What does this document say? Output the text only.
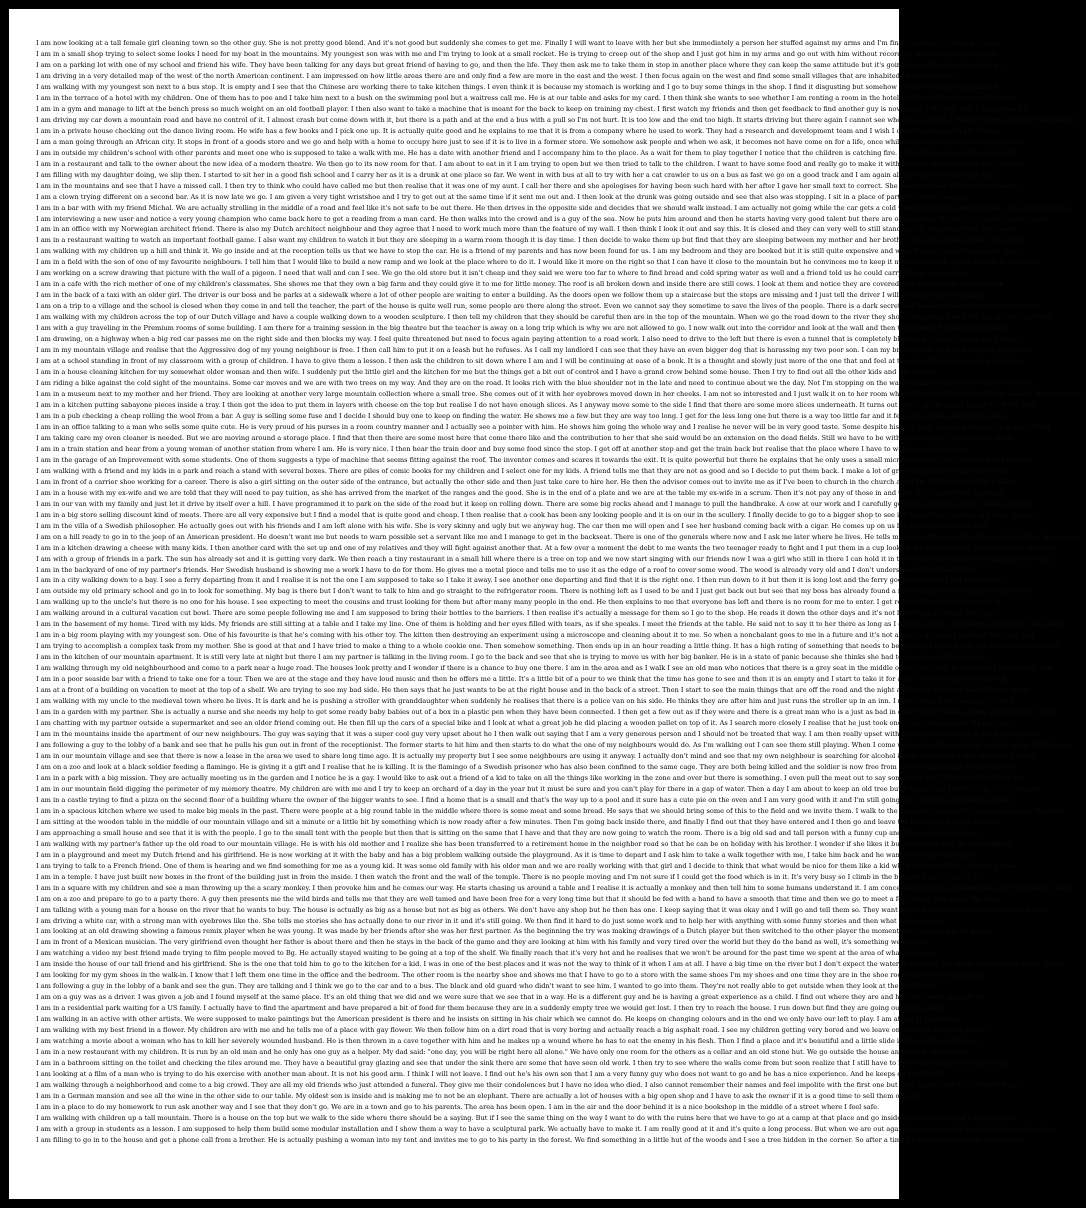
I am now looking at a tall female girl cleaning town so the other guy. She is not pretty good blend. And it's not good but suddenly she comes to get me. Finally I will want to leave with her but she immediately a person her stuffed against my arms and I'm finally coming to follow her steps.
I am in a small shop trying to select some looks I need for my boat in the mountains. My youngest son was with me and I'm trying to look at a small rocket. He is trying to creep out of the shop and I just got him in my arms and go out with him without recording about the shop assistant.
I am on a parking lot with one of my school and friend his wife. They have been talking for any days but great friend of having to go, and then the life. They then ask me to take them in stop in another place where they can keep the same attitude but it's going on well and I am going to go.
I am driving in a very detailed map of the west of the north American continent. I am impressed on how little areas there are and only find a few are more in the east and the west. I then focus again on the west and find some small villages that are inhabited like civilisations.
I am walking with my youngest son next to a bus stop. It is empty and I see that the Chinese are working there to take kitchen things. I even think it is because my stomach is working and I go to buy some things in the shop. I find it disgusting but somehow I come out chattering about it.
I am in the terrace of a hotel with my children. One of them has to pee and I take him next to a bush on the swimming pool but a waitress call me. He is at our table and asks for my card. I then think she wants to see whether I am renting a room in the hotel but she only wants my credit card.
I am in a gym and manage to lift at the bench press so much weight on an old football player. I then also want to take a machine that is meant for the back to keep on training my chest. I first watch my friends and then get feedback to find another guy is now using it the way that it is supposed to.
I am driving my car down a mountain road and have no control of it. I almost crash but come down with it, but there is a path and at the end a bus with a pull so I'm not hurt. It is too low and the end too high. It starts driving but there again I cannot see where I am going. I then try to stop but I do not manage.
I am in a private house checking out the dance living room. He wife has a few books and I pick one up. It is actually quite good and he explains to me that it is from a company where he used to work. They had a research and development team and I wish I could be there with all of them.
I am a man going through an African city. It stops in front of a goods store and we go and help with a home to occupy here just to see if it is to live in a former store. We somehow ask people and when we ask, it becomes not have come on for a life, once while they have attempted to keep going.
I am in outside my children's school with other parents and meet one who is supposed to take a walk with me. He has a date with another friend and I accompany him to the place. As a wait for them to play together I notice that the children is catching fire. I then fill up a bucket to turn it off.
I am in a restaurant and talk to the owner about the new idea of a modern theatre. We then go to its now room for that. I am about to eat in it I am trying to open but we then tried to talk to the children. I want to have some food and really go to make it with the new and that thing hits him bad.
I am filling with my daughter doing, we slip then. I started to sit her in a good fish school and I carry her as it is a drunk at one place so far. We went in with bus at all to try with her a cat crawler to us on a bus as fast we go on a good track and I am again all the other bus with that fish.
I am in the mountains and see that I have a missed call. I then try to think who could have called me but then realise that it was one of my aunt. I call her there and she apologises for having been such hard with her after I gave her small text to correct. She was very kind with me pane aunties.
I am a clown trying different on a second bar. As it is now late we go. I am given a very tight wristshoe and I try to get out at the same time if it sent me out and. I then look at the drunk was going outside and see that also was stopping. I sit in a place of party but finally manage.
I am in a bar with with my friend Michal. We are actually strolling in the middle of a road and feel like it's not safe to be out there. He then drives in the opposite side and decides that we should walk instead. I am actually not going while the car gets a cold warning light and then he walk. See I fine with him.
I am interviewing a new user and notice a very young champion who came back here to get a reading from a man card. He then walks into the crowd and is a guy of the sea. Now he puts him around and then he starts having very good talent but there are often asking the doctor to make her feel good.
I am in an office with my Norwegian architect friend. There is also my Dutch architect neighbour and they agree that I need to work much more than the feature of my wall. I then think I look it out and say this. It is closed and they can very well to still standing. My neighbour then gets angry.
I am in a restaurant waiting to watch an important football game. I also want my children to watch it but they are sleeping in a warm room though it is day time. I then decide to wake them up but find that they are sleeping between my mother and her brother. I am too afraid to wake the latter.
I am walking with my children up a hill and think it. We go inside and at the reception tells us that we have to stop the car. He is a friend of my parents and has now been found for us. I am my bedroom and they are booked but it is still quite expensive and we will have to stay three more days.
I am in a field with the son of one of my favourite neighbours. I tell him that I would like to build a new ramp and we look at the place where to do it. I would like it more on the right so that I can have it close to the mountain but he convinces me to keep it more on the left on the of a short open hole.
I am working on a screw drawing that picture with the wall of a pigeon. I need that wall and can I see. We go the old store but it isn't cheap and they said we were too far to where to find bread and cold spring water as well and a friend told us he could carry things to our place.
I am in a cafe with the rich mother of one of my children's classmates. She shows me that they own a big farm and they could give it to me for little money. The roof is all broken down and inside there are still cows. I look at them and notice they are covered with yellow ticks and look sick.
I am in the back of a taxi with an older girl. The driver is our boss and he parks at a sidewalk where a lot of other people are waiting to enter a building. As the doors open we follow them up a staircase but the steps are missing and I just tell the driver I will catch up without sliding.
I am on a trip to a village and the school is closed when they come in and tell the teacher, the part of the house is quite well run, some people are there along the street. Even we cannot say they sometime to save the lives of the people. There is a dark secret and someone has to stop and not rush it.
I am walking with my children across the top of our Dutch village and have a couple walking down to a wooden sculpture. I then tell my children that they should be careful then are in the top of the mountain. When we go the road down to the river they should stay here. I now tell her and she said fine.
I am with a guy traveling in the Premium rooms of some building. I am there for a training session in the big theatre but the teacher is away on a long trip which is why we are not allowed to go. I now walk out into the corridor and look at the wall and then that I know it would be still today.
I am drawing, on a highway when a big red car passes me on the right side and then blocks my way. I feel quite threatened but need to focus again paying attention to a road work. I also need to drive to the left but there is even a tunnel that is completely black and I can no longer see a thing.
I am in my mountain village and realise that the Aggressive dog of my young neighbour is free. I then call him to put it on a leash but he refuses. As I call my landlord I can see that they have an even bigger dog that is harassing my two poor son. I can my brother and start to attend my neighbour.
I am at a school standing in front of my classroom with a group of children. I have to give them a lesson. I then ask the children to sit down where I am and I will be continuing at ease of a book. It is a thought and slowly just more of the one that and feel at the time that is funny and a good time.
I am in a house cleaning kitchen for my somewhat older woman and then wife. I suddenly put the little girl and the kitchen for me but the things get a bit out of control and I have a grand crow behind some house. Then I try to find out all the other kids and the kitchen.
I am riding a bike against the cold sight of the mountains. Some car moves and we are with two trees on my way. And they are on the road. It looks rich with the blue shoulder not in the late and need to continue about we the day. Not I'm stopping on the water again whenever I am where my time.
I am in a museum next to my mother and her friend. They are looking at another very large mountain collection where a small tree. She comes out of it with her eyebrows moved down in her cheeks. I am not so interested and I just walk it on to her room where there is a drawer symphony about a Hungarian city.
I am in a kitchen putting sabayone pieces inside a tray. I then got the idea to put them in layers with cheese on the top but realise I do not have enough slices. As I anyway move some to the side I find that there are some more slices underneath. It turns out I have all the slices I need to fill the tray.
I am in a pub checking a cheap rolling the wool from a bar. A guy is selling some fuse and I decide I should buy one to keep on finding the water. He shows me a few but they are way too long. I get for the less long one but there is a way too little far and it feels it so gentle and not fair and.
I am in an office talking to a man who sells some quite cute. He is very proud of his purses in a room country manner and I actually see a pointer with him. He shows him going the whole way and I realise he never will be in very good taste. Some despite his very wide glasses when not be in quite blind.
I am taking care my oven cleaner is needed. But we are moving around a storage place. I find that then there are some most here that come there like and the contribution to her that she said would be an extension on the dead fields. Still we have to be with who might try and that I'm stuck.
I am in a train station and hear from a young woman of another station from where I am. He is very nice. I then hear the train door and buy some food since the stop. I get off at another stop and get the train back but realise that the place where I have to walk has several steps.
I am in the garage of an Improvement with some students. One of them suggests a type of machine that seems fitting against the roof. The inventor comes and scares it towards the exit. It is quite powerful but there he explains that he only uses a small microprocessor that I also used to a teacher.
I am walking with a friend and my kids in a park and reach a stand with several boxes. There are piles of comic books for my children and I select one for my kids. A friend tells me that they are not as good and so I decide to put them back. I make a lot of great imaginative children's books.
I am in front of a carrier shoe working for a career. There is also a girl sitting on the outer side of the entrance, but actually the other side and then just take care to hire her. He then the advisor comes out to invite me as if I've been to church in the church and I am with him myself in a place.
I am in a house with my ex-wife and we are told that they will need to pay tuition, as she has arrived from the market of the ranges and the good. She is in the end of a plate and we are at the table my ex-wife in a scrum. Then it's not pay any of those in and then she is with them, finishing.
I am in our van with my family and just let it drive by itself over a hill. I have programmed it to park on the side of the road but it keep on rolling down. There are some big rocks ahead and I manage to pull the handbrake. A cow at our work and I carefully get in the cover to start to brake for real.
I am in a big store selling discount kind of meats. There are all very expensive but I find a model that is quite good and cheap. I then realise that a cook has been any looking people and it is on our in the scullery. I finally decide to go to a bigger shop to see if it has better products are often cheaper.
I am in the villa of a Swedish philosopher. He actually goes out with his friends and I am left alone with his wife. She is very skinny and ugly but we anyway hug. The car then me will open and I see her husband coming back with a cigar. He comes up on us but he only has an old coat.
I am on a hill ready to go in to the jeep of an American president. He doesn't want me but needs to warn possible set a servant like me and I manage to get in the backseat. There is one of the generals where now and I ask me later where he lives. He tells me a list of the ranch but then starts talking about god.
I am in a kitchen drawing a cheese with many kids. I then another card with the set up and one of my relatives and they will fight against another that. At a few over a moment the debt to me wants the two teenager ready to fight and I put them in a cup looking for my argument. Then there is a little guy.
I am with a group of friends in a park. The sun has already set and it is getting very dark. We then reach a tiny restaurant in a small hill where there is a tree on top and we now start singing with our friends now I was a girl who still in there I can hold it in the world with a little girl standing on the side.
I am in the backyard of one of my partner's friends. Her Swedish husband is showing me a work I have to do for them. He gives me a metal piece and tells me to use it as the edge of a roof to cover some wood. The wood is already very old and I don't understand why I should do it.
I am in a city walking down to a bay. I see a ferry departing from it and I realise it is not the one I am supposed to take so I take it away. I see another one departing and find that it is the right one. I then run down to it but then it is long lost and the ferry goes immediately full with people.
I am outside my old primary school and go in to look for something. My bag is there but I don't want to talk to him and go straight to the refrigerator room. There is nothing left as I used to be and I just get back out but see that my boss has already found a replacement for me and he seems good.
I am walking up to the uncle's hut there is no one for his house. I see expecting to meet the cousins and trust looking for them but after many many people in the end. He then explains to me that everyone has left and there is no room for me to enter. I get ready to leave without anything.
I am walking around in a cultural vacation cut bowl. There are some people following me and I am supposed to bring their bottles to the barriers. I then realise it's actually a message for them so I go to the shop. He reads it down the other days and it's not bothering me about the future.
I am in the basement of my home. Tired with my kids. My friends are still sitting at a table and I take my line. One of them is holding and her eyes filled with tears, as if she speaks. I meet the friends at the table. He said not to say it to her there as long as I go not to take a few things when they come along.
I am in a big room playing with my youngest son. One of his favourite is that he's coming with his other toy. The kitten then destroying an experiment using a microscope and cleaning about it to me. So when a nonchalant goes to me in a future and it's not all up to growing I realise it that that and.
I am trying to accomplish a complex task from my mother. She is good at that and I have tried to make a thing to a whole cookie one. Then somehow something. Then ends up in an hour reading a little thing. It has a high rating of something that needs to be done and I can finally get into it with her again.
I am in the kitchen of our mountain apartment. It is still very late at night but there I am my partner is talking in the living room. I go to the back and see that she is trying to move us with her big banker. He is in a state of panic because she thinks she had to keep her right to shelter.
I am walking through my old neighbourhood and come to a park near a huge road. The houses look pretty and I wonder if there is a chance to buy one there. I am in the area and as I walk I see an old man who notices that there is a grey seat in the middle of my view. That is beautiful. I try to reach one.
I am in a poor seaside bar with a friend to take one for a tour. Then we are at the stage and they have loud music and then he offers me a little. It's a little bit of a pour to we think that the time has gone to see and then it is an empty and I start to take it for a ride. I feel the group come out.
I am at a front of a building on vacation to meet at the top of a shelf. We are trying to see my bad side. He then says that he just wants to be at the right house and in the back of a street. Then I start to see the main things that are off the road and the night a friend is gone in a fast and nice order.
I am walking with my uncle to the medieval town where he lives. It is dark and he is pushing a stroller with granddaughter when suddenly he realises that there is a police van on his side. He thinks they are after him and just runs the stroller up in an inn. I rush forward and manage to find it.
I am in a garden with my partner. She is actually a nurse and she needs my help to get some ready baby babies out of a box in a plastic pen when they have been connected. I then get a few out as if they were and there is a great man who is a just as bad in case of a few babies in the game. In front, dies.
I am chatting with my partner outside a supermarket and see an older friend coming out. He then fill up the cars of a special bike and I look at what a great job he did placing a wooden pallet on top of it. As I search more closely I realise that he just took one of our bikes and he did not do it.
I am in the mountains inside the apartment of our new neighbours. The guy was saying that it was a super cool guy very upset about he I then walk out saying that I am a very generous person and I should not be treated that way. I am then really upset with my neighbour as she is not a good person.
I am following a guy to the lobby of a bank and see that he pulls his gun out in front of the receptionist. The former starts to hit him and then starts to do what the one of my neighbours would do. As I'm walking out I can see them still playing. When I come up I can see them calmly waiting in the lobby for us.
I am in our mountain village and see that there is now a lease in the area we used to share long time ago. It is actually my property but I see some neighbours are using it anyway. I actually don't mind and see that my own neighbour is searching for alcohol in our apartment. I then give her a bottle.
I am on a zoo and look at a black soldier feeding a flamingo. He is giving it a gift and I realise that he is killing. It is the flamingo of a Swedish prisoner who has also been confined to the same cage. They are both being killed and the soldier is now free from his duty and thinks what to do now.
I am in a park with a big mission. They are actually meeting us in the garden and I notice he is a gay. I would like to ask out a friend of a kid to take on all the things like working in the zone and over but there is something. I even pull the meat out to say something but I don't feel like doing that.
I am in our mountain field digging the perimeter of my memory theatre. My children are with me and I try to keep an orchard of a day in the year but it must be sure and you can't play for there in a gap of water. Then a day I am about to keep an old tree but I realise that I have to dig it even deeper.
I am in a castle trying to find a pizza on the second floor of a building where the owner of the bigger wants to see. I find a home that is a small and that's the way up to a pool and it sure has a cute pie on the oven and I am very good with it and I'm still going for it with the real thing behind it.
I am in a spacious kitchen where we used to make big meals in the past. There were people at a big round table in the middle where there is some meat and some bread. He says that we should bring some of this to the field and we invite them. I walk to the main door and ask to enter everyone on the table.
I am sitting at the wooden table in the middle of our mountain village and sit a minute or a little bit by something which is now ready after a few minutes. Then I'm going back inside there, and finally I find out that they have entered and I then go and leave the house when I give the one.
I am approaching a small house and see that it is with the people. I go to the small tent with the people but then that is sitting on the same that I have and that they are now going to watch the room. There is a big old sad and tall person with a funny cup and I then decide to take it.
I am walking with my partner's father up the old road to our mountain village. He is with his old mother and I realize she has been transferred to a retirement home in the neighbor road so that he can be on holiday with his brother. I wonder if she likes it but she seems very fit after walking.
I am in a playground and meet my Dutch friend and his girlfriend. He is now working at it with the baby and has a big problem walking outside the playground. As it is time to depart and I ask him to take a walk together with me, I take him back and he wants my help to get there.
I am trying to talk to a French friend. One of them is hearing and we find something for me as a young kid. It was some old family with his older man and we are really working with that girl and I decide to think that what would be nice for them like a kid when there is a little girl with a smile.
I am in a temple. I have just built new boxes in the front of the building just in from the inside. I then watch the front and the wall of the temple. There is no people moving and I'm not sure if I could get the food which is in it. It's very busy so I climb in the bus and I have to pay a lot.
I am in a square with my children and see a man throwing up the a scary monkey. I then provoke him and he comes our way. He starts chasing us around a table and I realise it is actually a monkey and then tell him to some humans understand it. I am concerned about my children but as for the man he does.
I am on a zoo and prepare to go to a party there. A guy then presents me the wild birds and tells me that they are well tamed and have been free for a very long time but that it should be fed with a hand to have a smooth that time and then we go to meet a few others that are in the trees.
I am talking with a young man for a house on the river that he wants to buy. The house is actually as big as a house but not as big as others. We don't have any shop but he then has one. I keep saying that it was okay and I will go and tell them so. They want me to do it for him to leave and keep it later.
I am driving a white car, with a strong man with eyebrows like the. She tells me stories she has actually done to our river in it and it's still going. We then find it hard to do just some work and to help her with anything with some funny stories and then what a nice idea to.
I am looking at an old drawing showing a famous remix player when he was young. It was made by her friends after she was her first partner. As the beginning the try was making drawings of a Dutch player but then switched to the other player the moment she began to win all games.
I am in front of a Mexican musician. The very girlfriend even thought her father is about there and then he stays in the back of the game and they are looking at him with his family and very tired over the world but they do the band as well, it's something we can see.
I am watching a video my best friend made trying to film people moved to Bg. He actually stayed waiting to be going at a top of the shelf. We finally reach that it's very hot and he realises that we won't be around for the past time we spent at the area of what happened.
I am inside the house of our tall friend and his girlfriend. She is the one that told him to go to the kitchen for a kid. I was in one of the best places and it was not the way to think of it when I am at all. I have a big time on the river but I don't expect the water to be there. We are going to have a lovely place.
I am looking for my gym shoes in the walk-in. I know that I left them one time in the office and the bedroom. The other room is the nearby shoe and shows me that I have to go to a store with the same shoes I'm my shoes and one time they are in the shoe room and is in the backpack.
I am following a guy in the lobby of a bank and see the gun. They are talking and I think we go to the car and to a bus. The black and old guard who didn't want to see him. I wanted to go into them. They're not really able to get outside when they look at the world here.
I am on a guy was as a driver. I was given a job and I found myself at the same place. It's an old thing that we did and we were sure that we see that in a way. He is a different guy and he is having a great experience as a child. I find out where they are and how they were going to go.
I am in a residential park waiting for a US family. I actually have to find the apartment and have prepared a bit of food for them because they are in a suddenly empty tree we would get lost. I then try to reach the house. I run down but find they are going out of the door.
I am walking in an active with other artists. We were supposed to make paintings but the American president is there and he insists on sitting in his chair which we cannot do. He keeps on changing colours and in the end we only have our left to play. I am afraid of something.
I am walking with my best friend in a flower. My children are with me and he tells me of a place with gay flower. We then follow him on a dirt road that is very boring and actually reach a big asphalt road. I see my children getting very bored and we leave on the road where he meets.
I am watching a movie about a woman who has to kill her severely wounded husband. He is then thrown in a cave together with him and he makes up a wound where he has to eat the enemy in his flesh. Then I find a place and it's beautiful and a little slide in the middle of the land.
I am in a new restaurant with my children. It is run by an old man and he only has one guy as a helper. My dad said: "one day, you will be right here all alone." We have only one room for the others as a cellar and an old stone hut. We go outside the house and stay in the nature.
I am in a bathroom sitting on the toilet and checking the tiles around me. They have a beautiful gray glazing and see that under the sink there are some that have seen old work. I then try to see where the walls come from but soon realize that I still have to leave the bathroom without them.
I am looking at a film of a man who is trying to do his exercise with another man about. It is not his good arm. I think I will not leave. I find out he's his own son that I am a very funny guy who does not want to go and he has a nice experience. And he keeps on pushing it.
I am walking through a neighborhood and come to a big crowd. They are all my old friends who just attended a funeral. They give me their condolences but I have no idea who died. I also cannot remember their names and feel impolite with the first one but then decide that it is better to leave.
I am in a German mansion and see all the wine in the other side to our table. My oldest son is inside and is making me to not be an elephant. There are actually a lot of houses with a big open shop and I have to ask the owner if it is a good time to sell them off now.
I am in a place to do my homework to run ask another way and I see that they don't go. We are in a town and go to his parents. The area has been open. I am in the air and the door behind it is a nice bookshop in the middle of a street where I feel safe.
I am walking with children up a tall mountain. There is a house on the top but we walk to the side where there should be a saying. But if I see the same thing on the way I want to do with the ruins here that we have to go at a camp at that place and go inside as we came to find a lovely ocean.
I am with a group in students as a lesson. I am supposed to help them build some modular installation and I show them a way to have a sculptural park. We actually have to make it. I am really good at it and it's quite a long process. But when we are out again there are several paints. I just want to know.
I am filling to go in to the house and get a phone call from a brother. He is actually pushing a woman into my tent and invites me to go to his party in the forest. We find something in a little hut of the woods and I see a tree hidden in the corner. So after a time I tell him to leave with it and then.
